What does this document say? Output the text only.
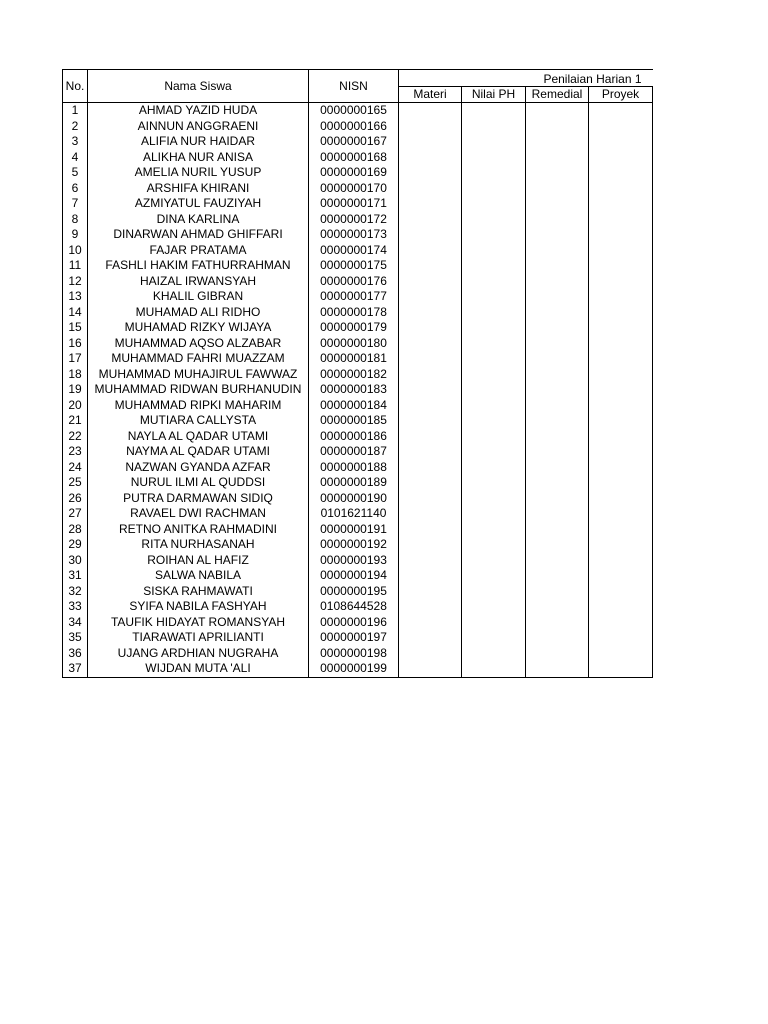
No.	Nama Siswa	NISN	Penilaian Harian 1			
			Materi	Nilai PH	Remedial	Proyek
1	AHMAD YAZID HUDA	0000000165				
2	AINNUN ANGGRAENI	0000000166				
3	ALIFIA NUR HAIDAR	0000000167				
4	ALIKHA NUR ANISA	0000000168				
5	AMELIA NURIL YUSUP	0000000169				
6	ARSHIFA KHIRANI	0000000170				
7	AZMIYATUL FAUZIYAH	0000000171				
8	DINA KARLINA	0000000172				
9	DINARWAN AHMAD GHIFFARI	0000000173				
10	FAJAR PRATAMA	0000000174				
11	FASHLI HAKIM FATHURRAHMAN	0000000175				
12	HAIZAL IRWANSYAH	0000000176				
13	KHALIL GIBRAN	0000000177				
14	MUHAMAD ALI RIDHO	0000000178				
15	MUHAMAD RIZKY WIJAYA	0000000179				
16	MUHAMMAD AQSO ALZABAR	0000000180				
17	MUHAMMAD FAHRI MUAZZAM	0000000181				
18	MUHAMMAD MUHAJIRUL FAWWAZ	0000000182				
19	MUHAMMAD RIDWAN BURHANUDIN	0000000183				
20	MUHAMMAD RIPKI MAHARIM	0000000184				
21	MUTIARA CALLYSTA	0000000185				
22	NAYLA AL QADAR UTAMI	0000000186				
23	NAYMA AL QADAR UTAMI	0000000187				
24	NAZWAN GYANDA AZFAR	0000000188				
25	NURUL ILMI AL QUDDSI	0000000189				
26	PUTRA DARMAWAN SIDIQ	0000000190				
27	RAVAEL DWI RACHMAN	0101621140				
28	RETNO ANITKA RAHMADINI	0000000191				
29	RITA NURHASANAH	0000000192				
30	ROIHAN AL HAFIZ	0000000193				
31	SALWA NABILA	0000000194				
32	SISKA RAHMAWATI	0000000195				
33	SYIFA NABILA FASHYAH	0108644528				
34	TAUFIK HIDAYAT ROMANSYAH	0000000196				
35	TIARAWATI APRILIANTI	0000000197				
36	UJANG ARDHIAN NUGRAHA	0000000198				
37	WIJDAN MUTA 'ALI	0000000199				
